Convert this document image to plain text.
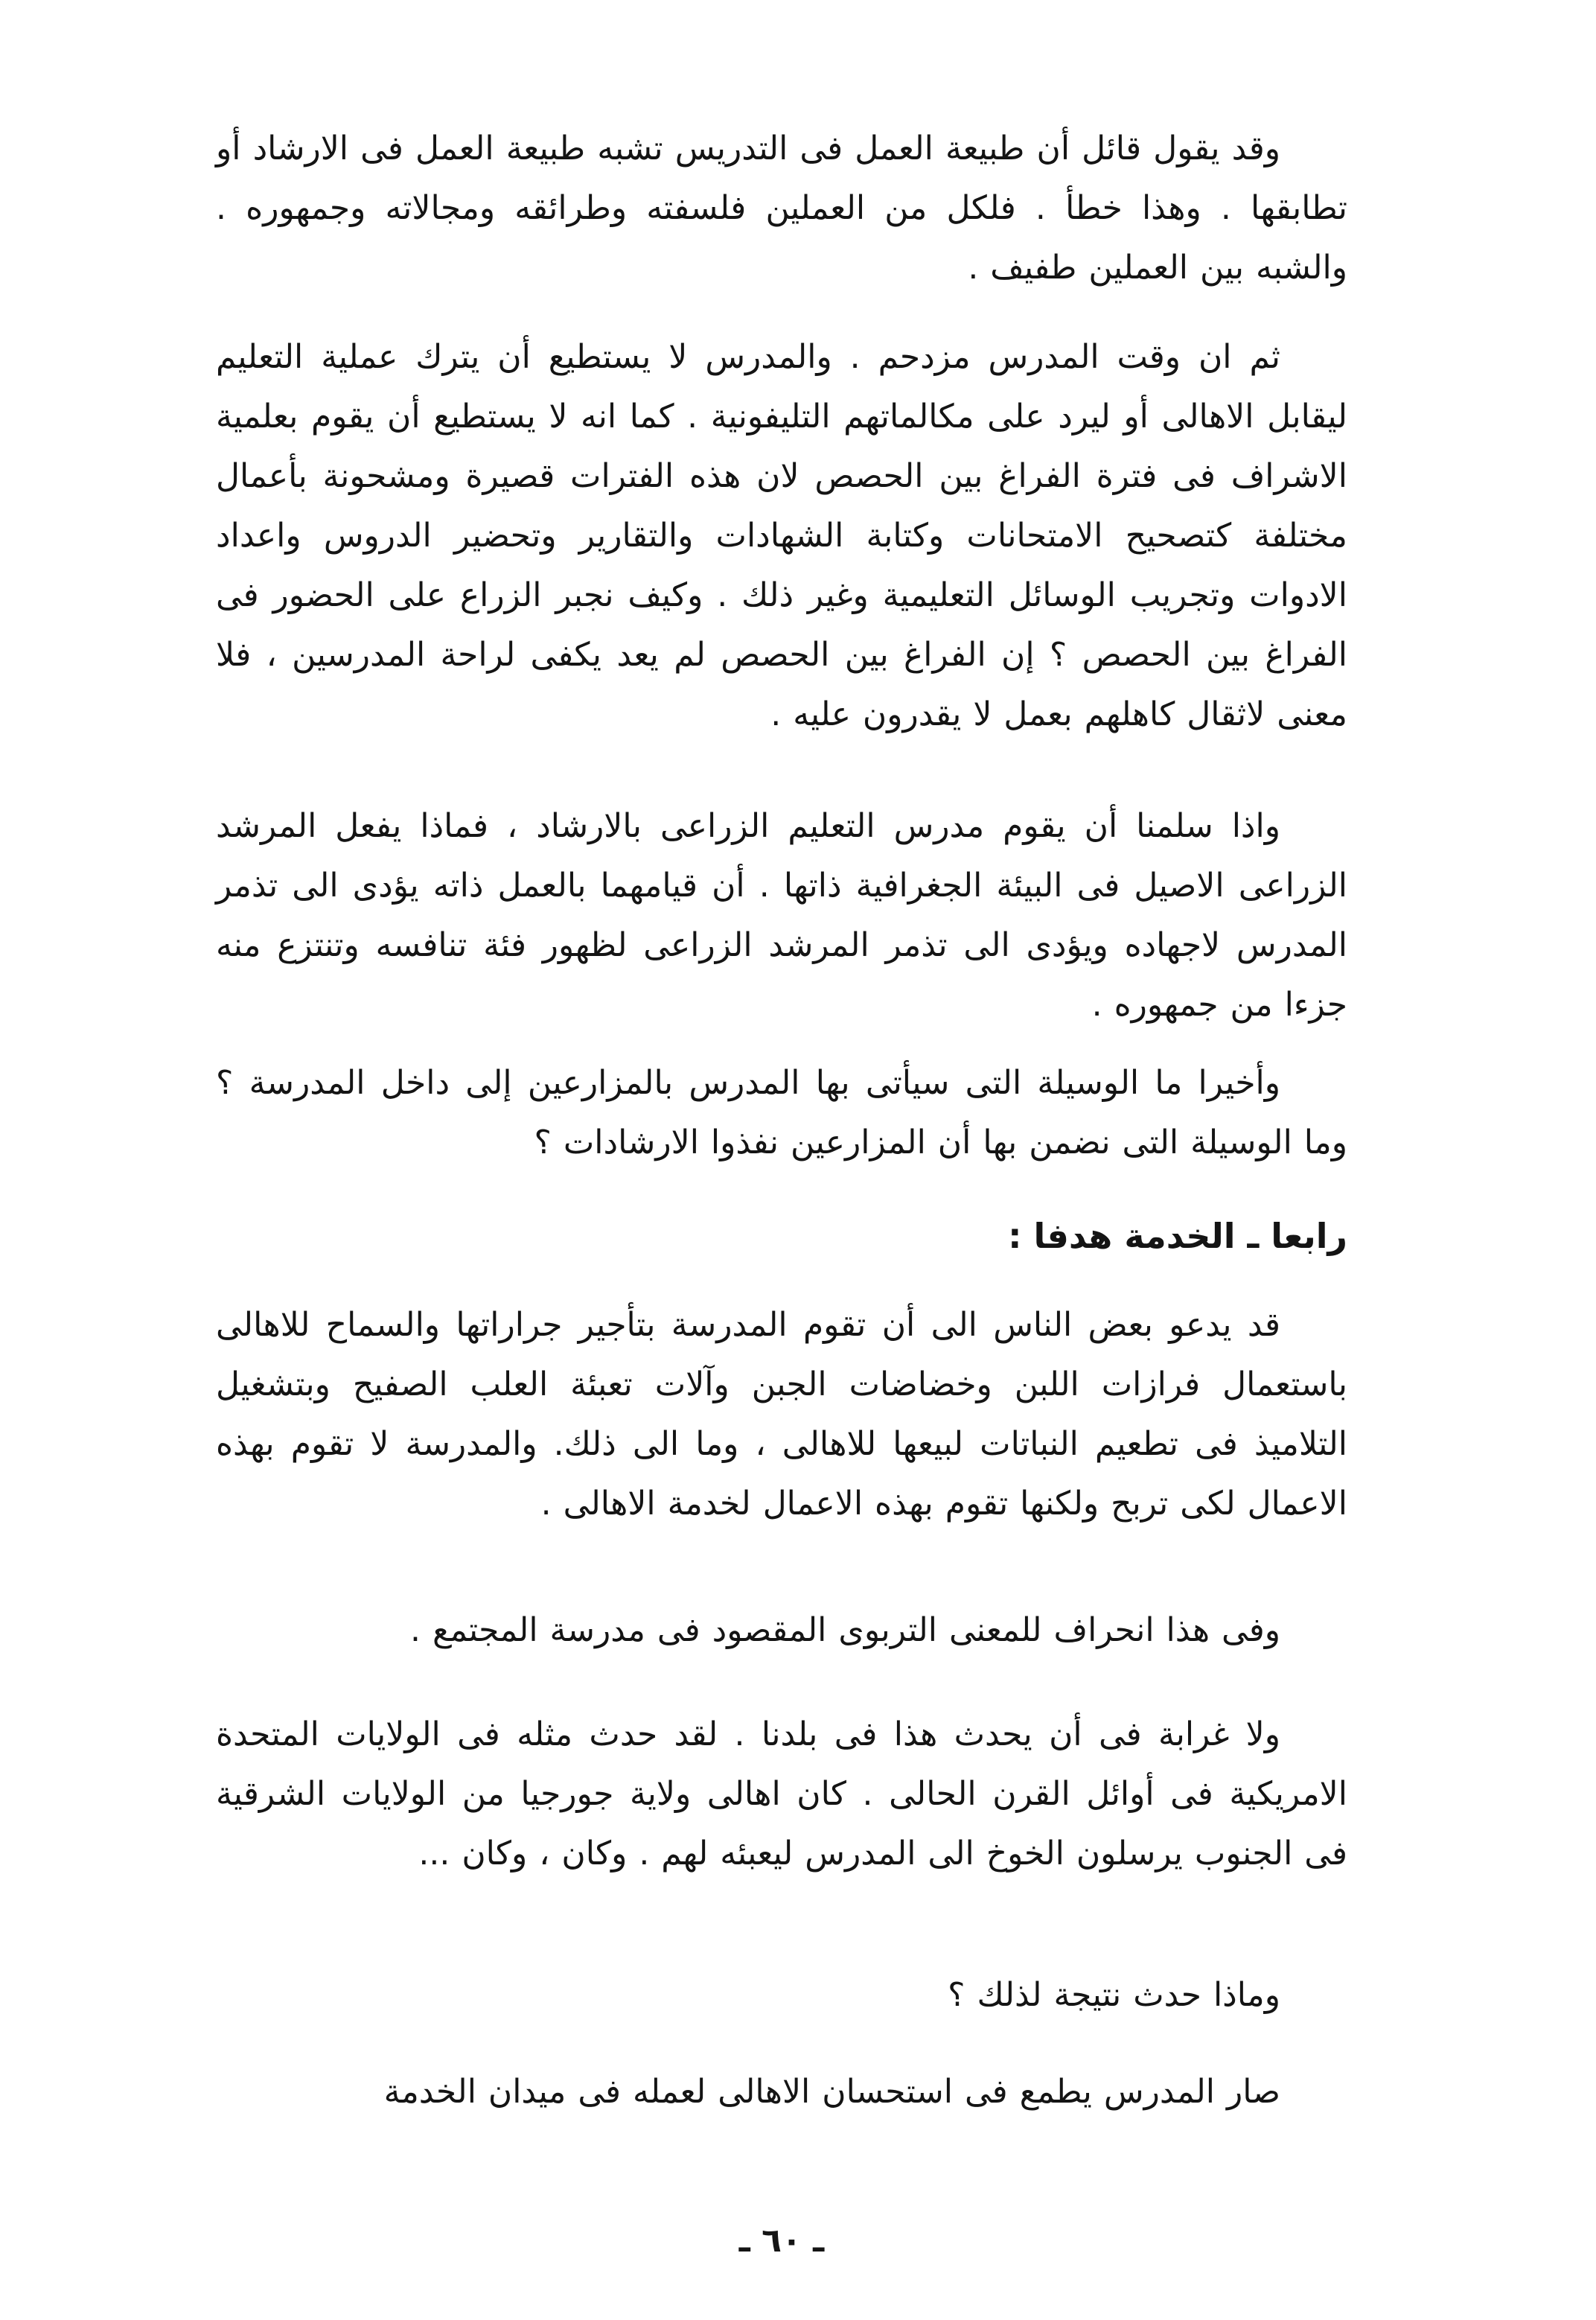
وقد يقول قائل أن طبيعة العمل فى التدريس تشبه طبيعة العمل فى الارشاد أو تطابقها . وهذا خطأ . فلكل من العملين فلسفته وطرائقه ومجالاته وجمهوره . والشبه بين العملين طفيف .

ثم ان وقت المدرس مزدحم . والمدرس لا يستطيع أن يترك عملية التعليم ليقابل الاهالى أو ليرد على مكالماتهم التليفونية . كما انه لا يستطيع أن يقوم بعلمية الاشراف فى فترة الفراغ بين الحصص لان هذه الفترات قصيرة ومشحونة بأعمال مختلفة كتصحيح الامتحانات وكتابة الشهادات والتقارير وتحضير الدروس واعداد الادوات وتجريب الوسائل التعليمية وغير ذلك . وكيف نجبر الزراع على الحضور فى الفراغ بين الحصص ؟ إن الفراغ بين الحصص لم يعد يكفى لراحة المدرسين ، فلا معنى لاثقال كاهلهم بعمل لا يقدرون عليه .

واذا سلمنا أن يقوم مدرس التعليم الزراعى بالارشاد ، فماذا يفعل المرشد الزراعى الاصيل فى البيئة الجغرافية ذاتها . أن قيامهما بالعمل ذاته يؤدى الى تذمر المدرس لاجهاده ويؤدى الى تذمر المرشد الزراعى لظهور فئة تنافسه وتنتزع منه جزءا من جمهوره .

وأخيرا ما الوسيلة التى سيأتى بها المدرس بالمزارعين إلى داخل المدرسة ؟ وما الوسيلة التى نضمن بها أن المزارعين نفذوا الارشادات ؟

رابعا ـ الخدمة هدفا :

قد يدعو بعض الناس الى أن تقوم المدرسة بتأجير جراراتها والسماح للاهالى باستعمال فرازات اللبن وخضاضات الجبن وآلات تعبئة العلب الصفيح وبتشغيل التلاميذ فى تطعيم النباتات لبيعها للاهالى ، وما الى ذلك. والمدرسة لا تقوم بهذه الاعمال لكى تربح ولكنها تقوم بهذه الاعمال لخدمة الاهالى .

وفى هذا انحراف للمعنى التربوى المقصود فى مدرسة المجتمع .

ولا غرابة فى أن يحدث هذا فى بلدنا . لقد حدث مثله فى الولايات المتحدة الامريكية فى أوائل القرن الحالى . كان اهالى ولاية جورجيا من الولايات الشرقية فى الجنوب يرسلون الخوخ الى المدرس ليعبئه لهم . وكان ، وكان ...

وماذا حدث نتيجة لذلك ؟

صار المدرس يطمع فى استحسان الاهالى لعمله فى ميدان الخدمة

ـ ٦٠ ـ
